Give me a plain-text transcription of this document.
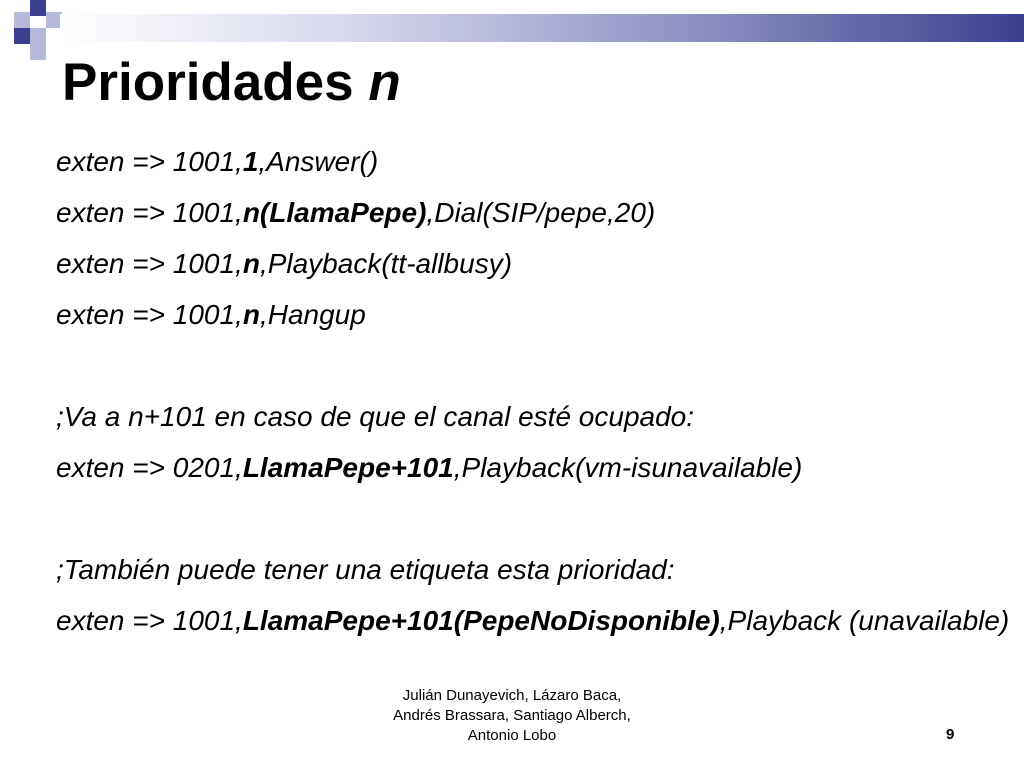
Prioridades n
exten => 1001,1,Answer()
exten => 1001,n(LlamaPepe),Dial(SIP/pepe,20)
exten => 1001,n,Playback(tt-allbusy)
exten => 1001,n,Hangup
;Va a n+101 en caso de que el canal esté ocupado:
exten => 0201,LlamaPepe+101,Playback(vm-isunavailable)
;También puede tener una etiqueta esta prioridad:
exten => 1001,LlamaPepe+101(PepeNoDisponible),Playback (unavailable)
Julián Dunayevich, Lázaro Baca,
Andrés Brassara, Santiago Alberch,
Antonio Lobo	9
